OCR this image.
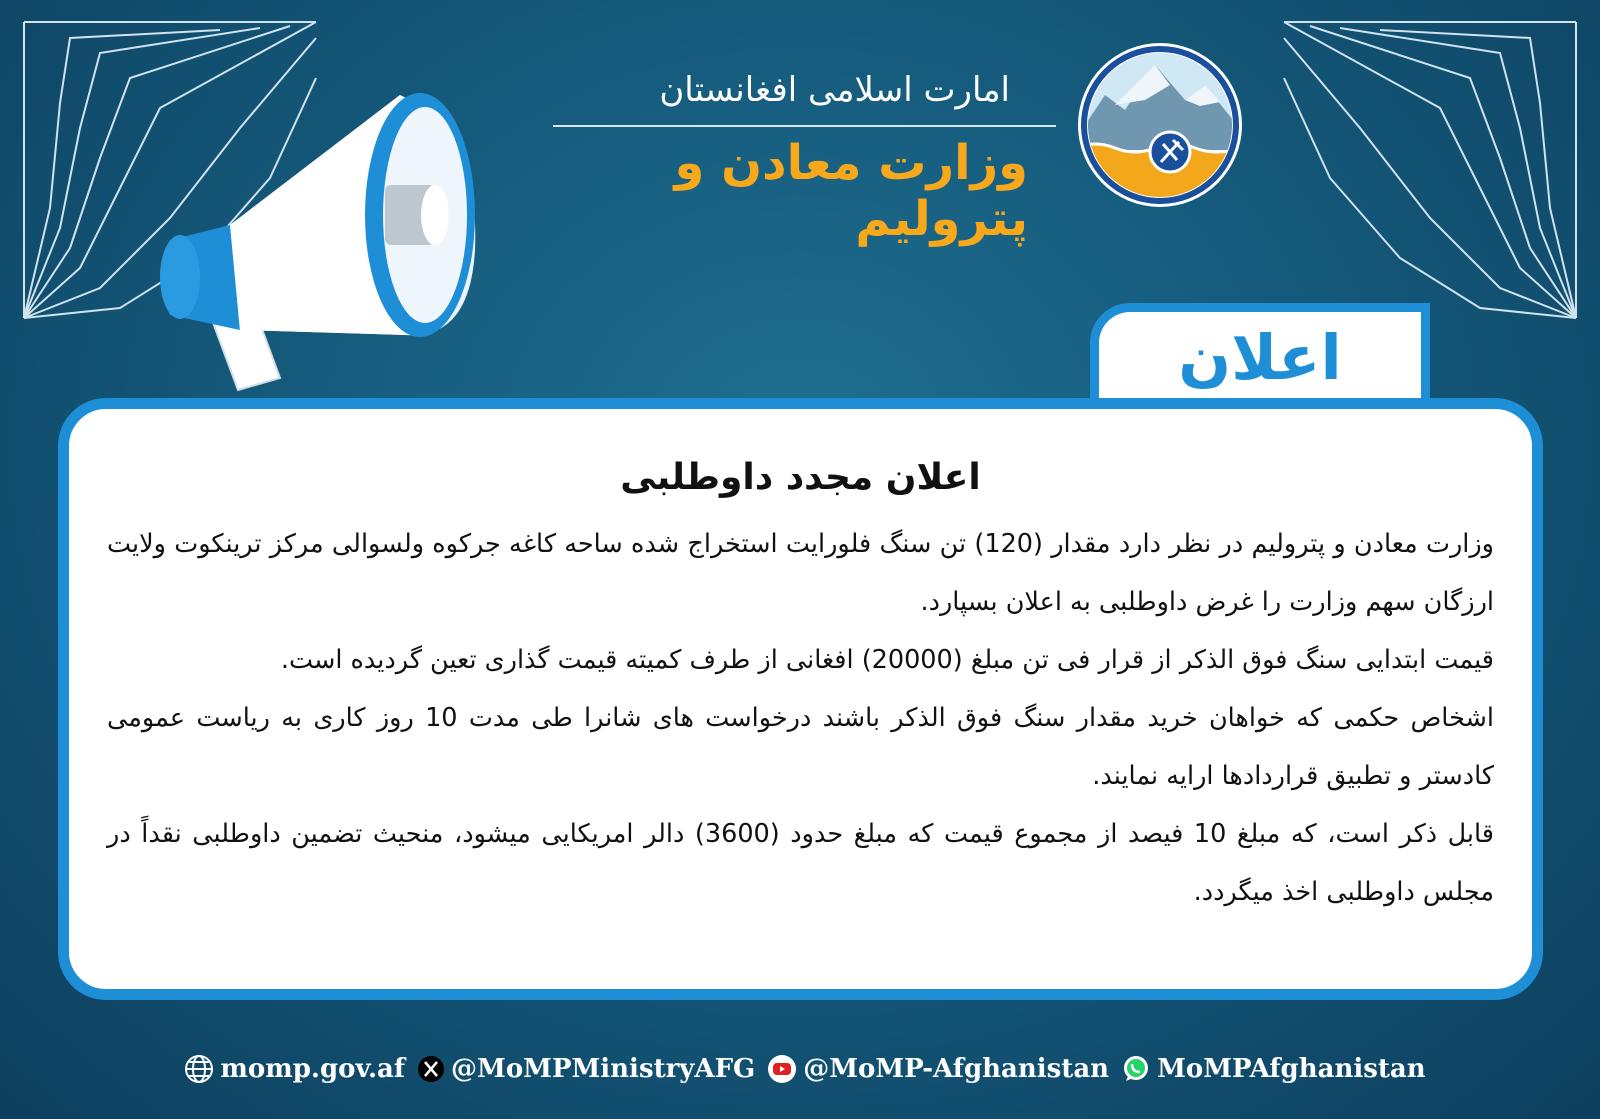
امارت اسلامی افغانستان
وزارت معادن و پترولیم
اعلان
اعلان مجدد داوطلبی

وزارت معادن و پترولیم در نظر دارد مقدار (120) تن سنگ فلورایت استخراج شده ساحه کاغه جرکوه ولسوالی مرکز ترینکوت ولایت ارزگان سهم وزارت را غرض داوطلبی به اعلان بسپارد.

قیمت ابتدایی سنگ فوق الذکر از قرار فی تن مبلغ (20000) افغانی از طرف کمیته قیمت گذاری تعین گردیده است.

اشخاص حکمی که خواهان خرید مقدار سنگ فوق الذکر باشند درخواست های شانرا طی مدت 10 روز کاری به ریاست عمومی کادستر و تطبیق قراردادها ارایه نمایند.

قابل ذکر است، که مبلغ 10 فیصد از مجموع قیمت که مبلغ حدود (3600) دالر امریکایی میشود، منحیث تضمین داوطلبی نقداً در مجلس داوطلبی اخذ میگردد.

momp.gov.af @MoMPMinistryAFG @MoMP-Afghanistan MoMPAfghanistan
